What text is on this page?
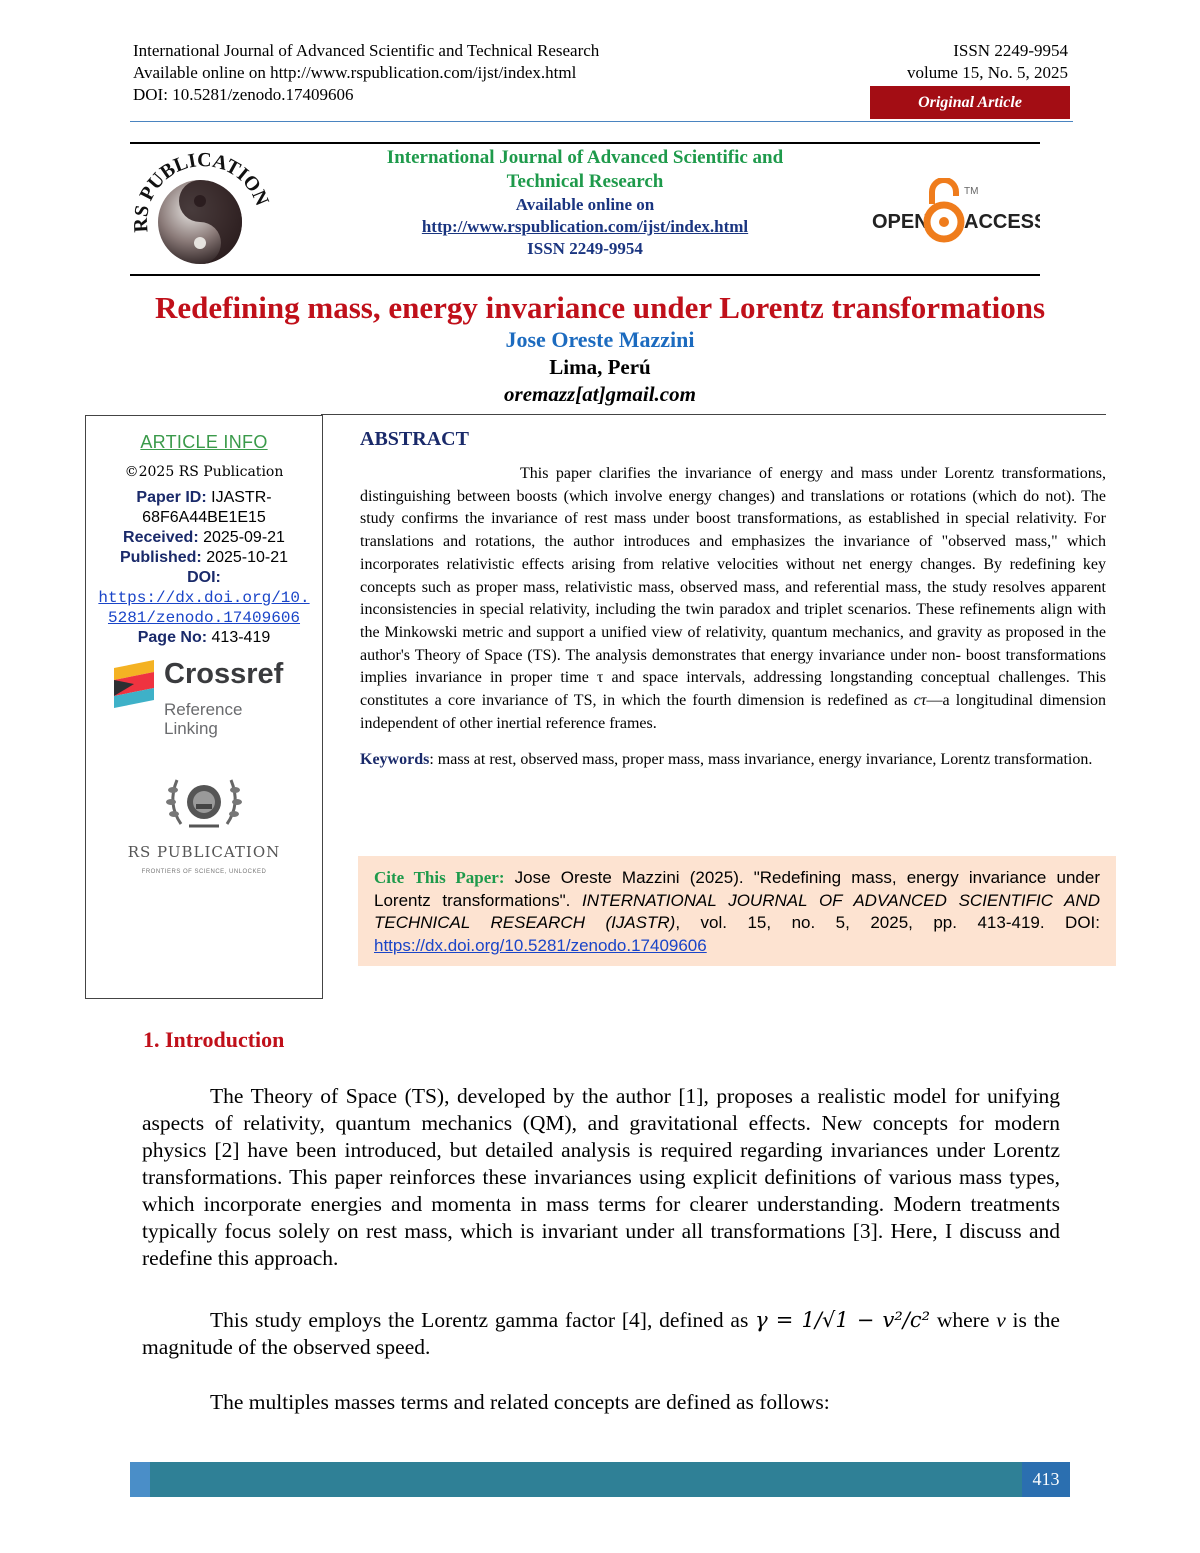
International Journal of Advanced Scientific and Technical Research
Available online on http://www.rspublication.com/ijst/index.html
DOI: 10.5281/zenodo.17409606
ISSN 2249-9954
volume 15, No. 5, 2025
Original Article
RS PUBLICATIO
International Journal of Advanced Scientific and
Technical Research
Available online on
http://www.rspublication.com/ijst/index.html
ISSN 2249-9954
OPEN ACCESS
TM
Redefining mass, energy invariance under Lorentz transformations
Jose Oreste Mazzini
Lima, Perú
oremazz[at]gmail.com
ARTICLE INFO
©2025 RS Publication
Paper ID: IJASTR-68F6A44BE1E15
Received: 2025-09-21
Published: 2025-10-21
DOI:
https://dx.doi.org/10.5281/zenodo.17409606
Page No: 413-419
Crossref
Reference
Linking
RS PUBLICATION
FRONTIERS OF SCIENCE, UNLOCKED
ABSTRACT

This paper clarifies the invariance of energy and mass under Lorentz transformations, distinguishing between boosts (which involve energy changes) and translations or rotations (which do not). The study confirms the invariance of rest mass under boost transformations, as established in special relativity. For translations and rotations, the author introduces and emphasizes the invariance of "observed mass," which incorporates relativistic effects arising from relative velocities without net energy changes. By redefining key concepts such as proper mass, relativistic mass, observed mass, and referential mass, the study resolves apparent inconsistencies in special relativity, including the twin paradox and triplet scenarios. These refinements align with the Minkowski metric and support a unified view of relativity, quantum mechanics, and gravity as proposed in the author's Theory of Space (TS). The analysis demonstrates that energy invariance under non- boost transformations implies invariance in proper time τ and space intervals, addressing longstanding conceptual challenges. This constitutes a core invariance of TS, in which the fourth dimension is redefined as cτ—a longitudinal dimension independent of other inertial reference frames.

Keywords: mass at rest, observed mass, proper mass, mass invariance, energy invariance, Lorentz transformation.
Cite This Paper: Jose Oreste Mazzini (2025). "Redefining mass, energy invariance under Lorentz transformations". INTERNATIONAL JOURNAL OF ADVANCED SCIENTIFIC AND TECHNICAL RESEARCH (IJASTR), vol. 15, no. 5, 2025, pp. 413-419. DOI: https://dx.doi.org/10.5281/zenodo.17409606
1. Introduction

The Theory of Space (TS), developed by the author [1], proposes a realistic model for unifying aspects of relativity, quantum mechanics (QM), and gravitational effects. New concepts for modern physics [2] have been introduced, but detailed analysis is required regarding invariances under Lorentz transformations. This paper reinforces these invariances using explicit definitions of various mass types, which incorporate energies and momenta in mass terms for clearer understanding. Modern treatments typically focus solely on rest mass, which is invariant under all transformations [3]. Here, I discuss and redefine this approach.

This study employs the Lorentz gamma factor [4], defined as γ = 1/√1 − v²/c² where v is the magnitude of the observed speed.

The multiples masses terms and related concepts are defined as follows:

413
